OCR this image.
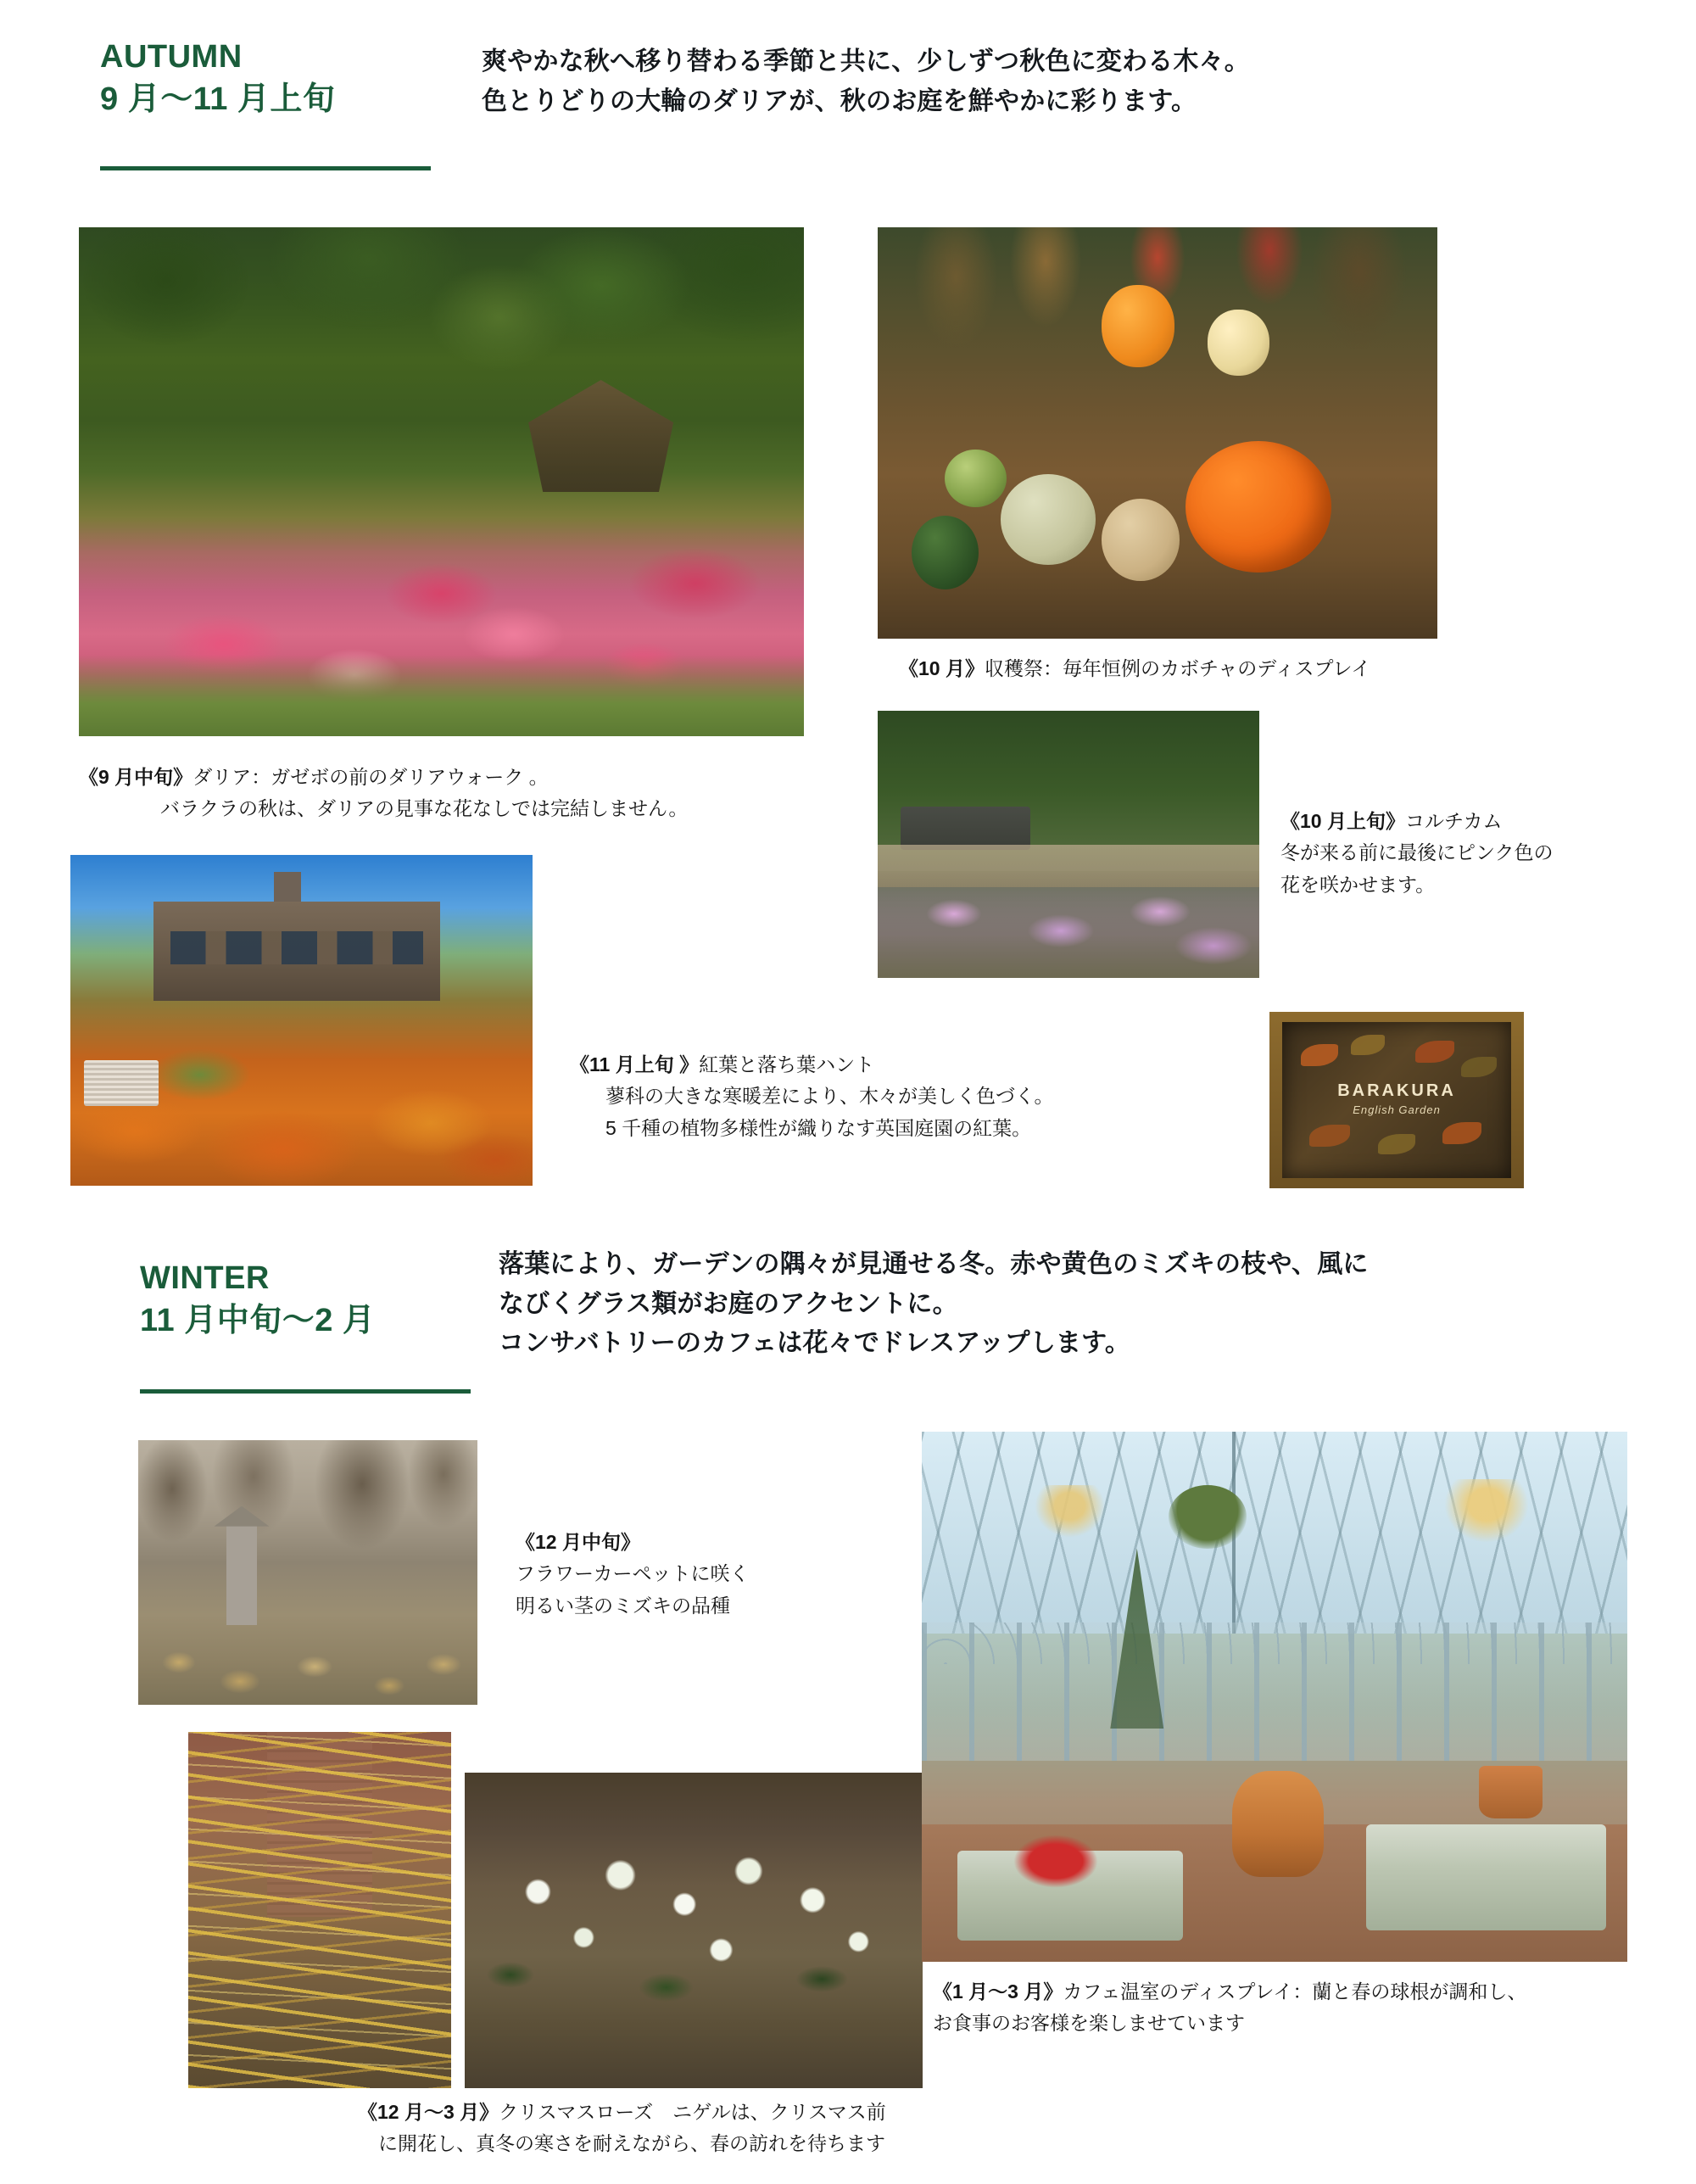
AUTUMN
9 月〜11 月上旬
爽やかな秋へ移り替わる季節と共に、少しずつ秋色に変わる木々。
色とりどりの大輪のダリアが、秋のお庭を鮮やかに彩ります。
《9 月中旬》ダリア：ガゼボの前のダリアウォーク 。
バラクラの秋は、ダリアの見事な花なしでは完結しません。
《10 月》収穫祭：毎年恒例のカボチャのディスプレイ
《10 月上旬》コルチカム
冬が来る前に最後にピンク色の
花を咲かせます。
《11 月上旬 》紅葉と落ち葉ハント
蓼科の大きな寒暖差により、木々が美しく色づく。
5 千種の植物多様性が織りなす英国庭園の紅葉。
BARAKURA
English Garden
WINTER
11 月中旬〜2 月
落葉により、ガーデンの隅々が見通せる冬。赤や黄色のミズキの枝や、風に
なびくグラス類がお庭のアクセントに。
コンサバトリーのカフェは花々でドレスアップします。
《12 月中旬》
フラワーカーペットに咲く
明るい茎のミズキの品種
《12 月〜3 月》クリスマスローズ　ニゲルは、クリスマス前
に開花し、真冬の寒さを耐えながら、春の訪れを待ちます
《1 月〜3 月》カフェ温室のディスプレイ：蘭と春の球根が調和し、
お食事のお客様を楽しませています
